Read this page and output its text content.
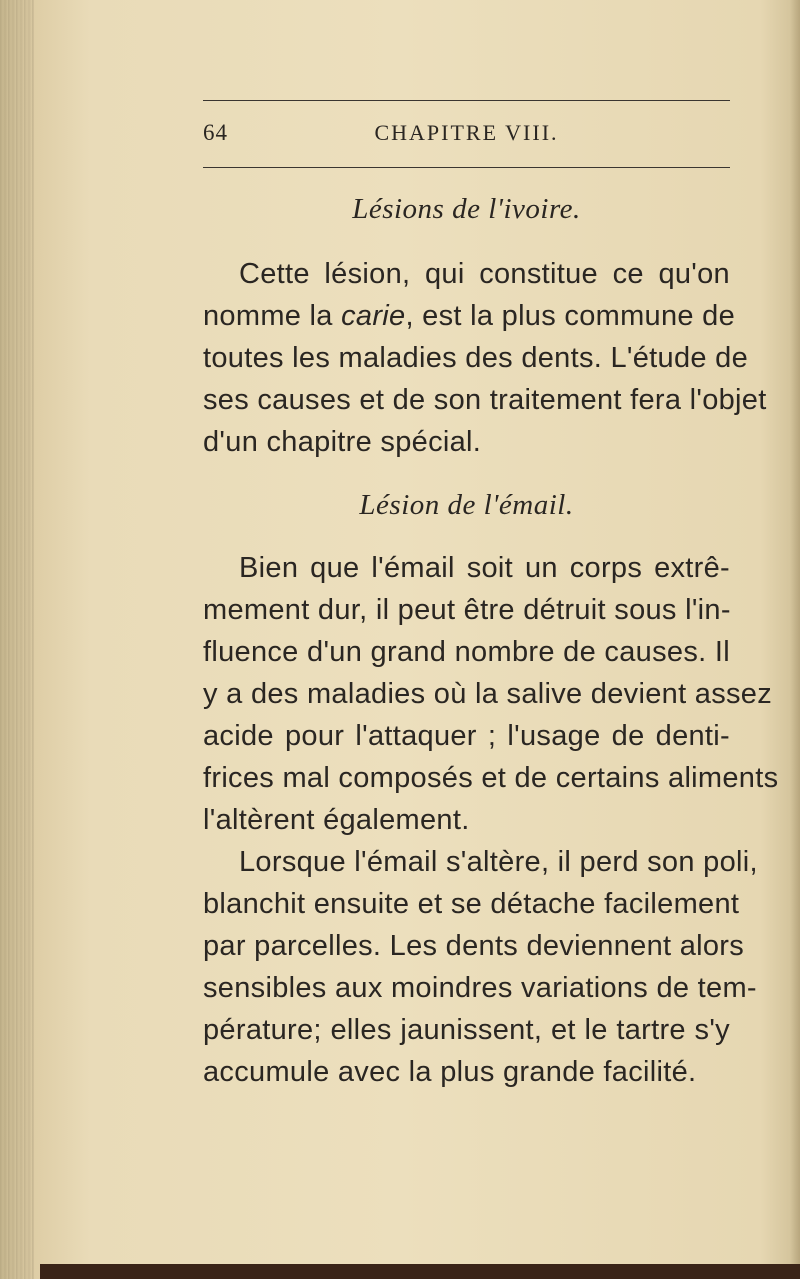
64	CHAPITRE VIII.
Lésions de l'ivoire.
Cette lésion, qui constitue ce qu'on
nomme la carie, est la plus commune de
toutes les maladies des dents. L'étude de
ses causes et de son traitement fera l'objet
d'un chapitre spécial.
Lésion de l'émail.
Bien que l'émail soit un corps extrê-
mement dur, il peut être détruit sous l'in-
fluence d'un grand nombre de causes. Il
y a des maladies où la salive devient assez
acide pour l'attaquer ; l'usage de denti-
frices mal composés et de certains aliments
l'altèrent également.
Lorsque l'émail s'altère, il perd son poli,
blanchit ensuite et se détache facilement
par parcelles. Les dents deviennent alors
sensibles aux moindres variations de tem-
pérature; elles jaunissent, et le tartre s'y
accumule avec la plus grande facilité.
